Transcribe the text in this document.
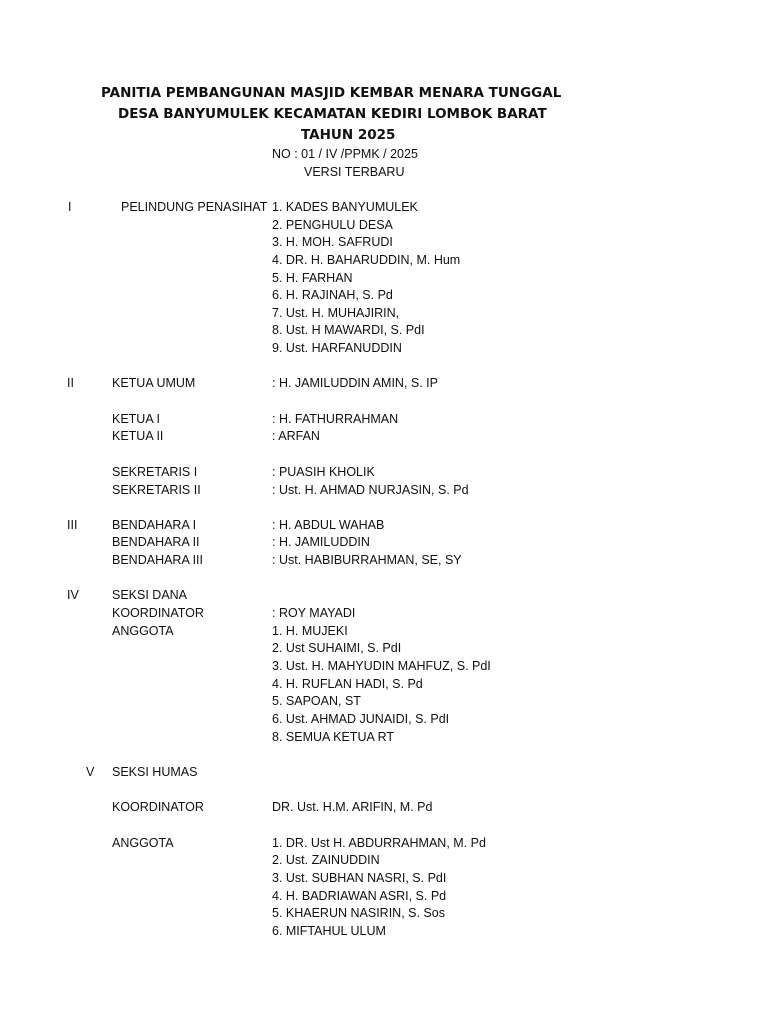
PANITIA PEMBANGUNAN MASJID KEMBAR MENARA TUNGGAL
DESA BANYUMULEK KECAMATAN KEDIRI LOMBOK BARAT
TAHUN 2025
NO : 01 / IV /PPMK / 2025
VERSI TERBARU
I	PELINDUNG PENASIHAT 1. KADES BANYUMULEK
2. PENGHULU DESA
3. H. MOH. SAFRUDI
4. DR. H. BAHARUDDIN, M. Hum
5. H. FARHAN
6. H. RAJINAH, S. Pd
7. Ust. H. MUHAJIRIN,
8. Ust. H MAWARDI, S. PdI
9. Ust. HARFANUDDIN
II	KETUA UMUM	: H. JAMILUDDIN AMIN, S. IP
KETUA I	: H. FATHURRAHMAN
KETUA II	: ARFAN
SEKRETARIS I	: PUASIH KHOLIK
SEKRETARIS II	: Ust. H. AHMAD NURJASIN, S. Pd
III	BENDAHARA I	: H. ABDUL WAHAB
BENDAHARA II	: H. JAMILUDDIN
BENDAHARA III	: Ust. HABIBURRAHMAN, SE, SY
IV	SEKSI DANA
KOORDINATOR	: ROY MAYADI
ANGGOTA	1. H. MUJEKI
2. Ust SUHAIMI, S. PdI
3. Ust. H. MAHYUDIN MAHFUZ, S. PdI
4. H. RUFLAN HADI, S. Pd
5. SAPOAN, ST
6. Ust. AHMAD JUNAIDI, S. PdI
8. SEMUA KETUA RT
V SEKSI HUMAS
KOORDINATOR	DR. Ust. H.M. ARIFIN, M. Pd
ANGGOTA	1. DR. Ust H. ABDURRAHMAN, M. Pd
2. Ust. ZAINUDDIN
3. Ust. SUBHAN NASRI, S. PdI
4. H. BADRIAWAN ASRI, S. Pd
5. KHAERUN NASIRIN, S. Sos
6. MIFTAHUL ULUM
